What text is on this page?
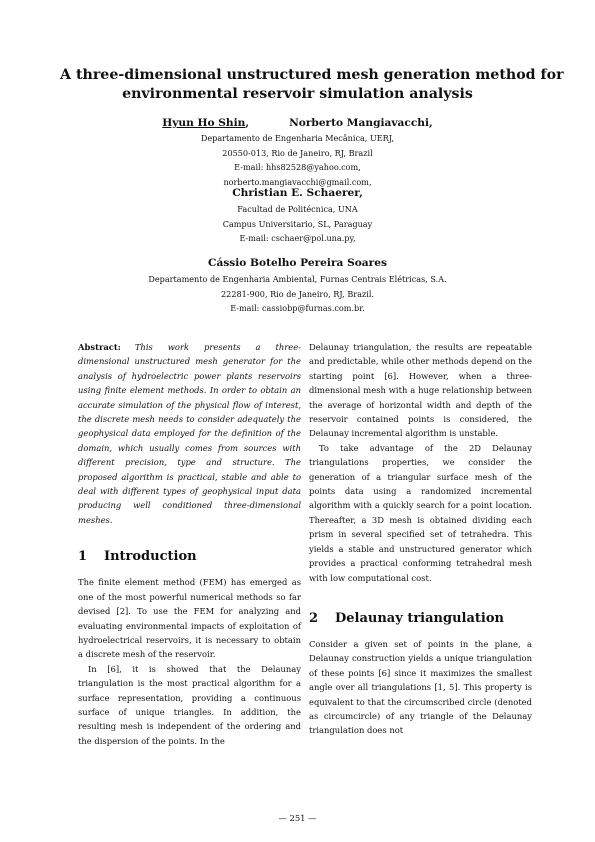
A three-dimensional unstructured mesh generation method for
environmental reservoir simulation analysis
Hyun Ho Shin,	Norberto Mangiavacchi,
Departamento de Engenharia Mecânica, UERJ,
20550-013, Rio de Janeiro, RJ, Brazil
E-mail: hhs82528@yahoo.com,
norberto.mangiavacchi@gmail.com,
Christian E. Schaerer,
Facultad de Politécnica, UNA
Campus Universitario, SL, Paraguay
E-mail: cschaer@pol.una.py,
Cássio Botelho Pereira Soares
Departamento de Engenharia Ambiental, Furnas Centrais Elétricas, S.A.
22281-900, Rio de Janeiro, RJ, Brazil.
E-mail: cassiobp@furnas.com.br.

Abstract: This work presents a three-dimensional unstructured mesh generator for the analysis of hydroelectric power plants reservoirs using finite element methods. In order to obtain an accurate simulation of the physical flow of interest, the discrete mesh needs to consider adequately the geophysical data employed for the definition of the domain, which usually comes from sources with different precision, type and structure. The proposed algorithm is practical, stable and able to deal with different types of geophysical input data producing well conditioned three-dimensional meshes.

1 Introduction

The finite element method (FEM) has emerged as one of the most powerful numerical methods so far devised [2]. To use the FEM for analyzing and evaluating environmental impacts of exploitation of hydroelectrical reservoirs, it is necessary to obtain a discrete mesh of the reservoir.

In [6], it is showed that the Delaunay triangulation is the most practical algorithm for a surface representation, providing a continuous surface of unique triangles. In addition, the resulting mesh is independent of the ordering and the dispersion of the points. In the

Delaunay triangulation, the results are repeatable and predictable, while other methods depend on the starting point [6]. However, when a three-dimensional mesh with a huge relationship between the average of horizontal width and depth of the reservoir contained points is considered, the Delaunay incremental algorithm is unstable.

To take advantage of the 2D Delaunay triangulations properties, we consider the generation of a triangular surface mesh of the points data using a randomized incremental algorithm with a quickly search for a point location. Thereafter, a 3D mesh is obtained dividing each prism in several specified set of tetrahedra. This yields a stable and unstructured generator which provides a practical conforming tetrahedral mesh with low computational cost.

2 Delaunay triangulation

Consider a given set of points in the plane, a Delaunay construction yields a unique triangulation of these points [6] since it maximizes the smallest angle over all triangulations [1, 5]. This property is equivalent to that the circumscribed circle (denoted as circumcircle) of any triangle of the Delaunay triangulation does not

— 251 —
